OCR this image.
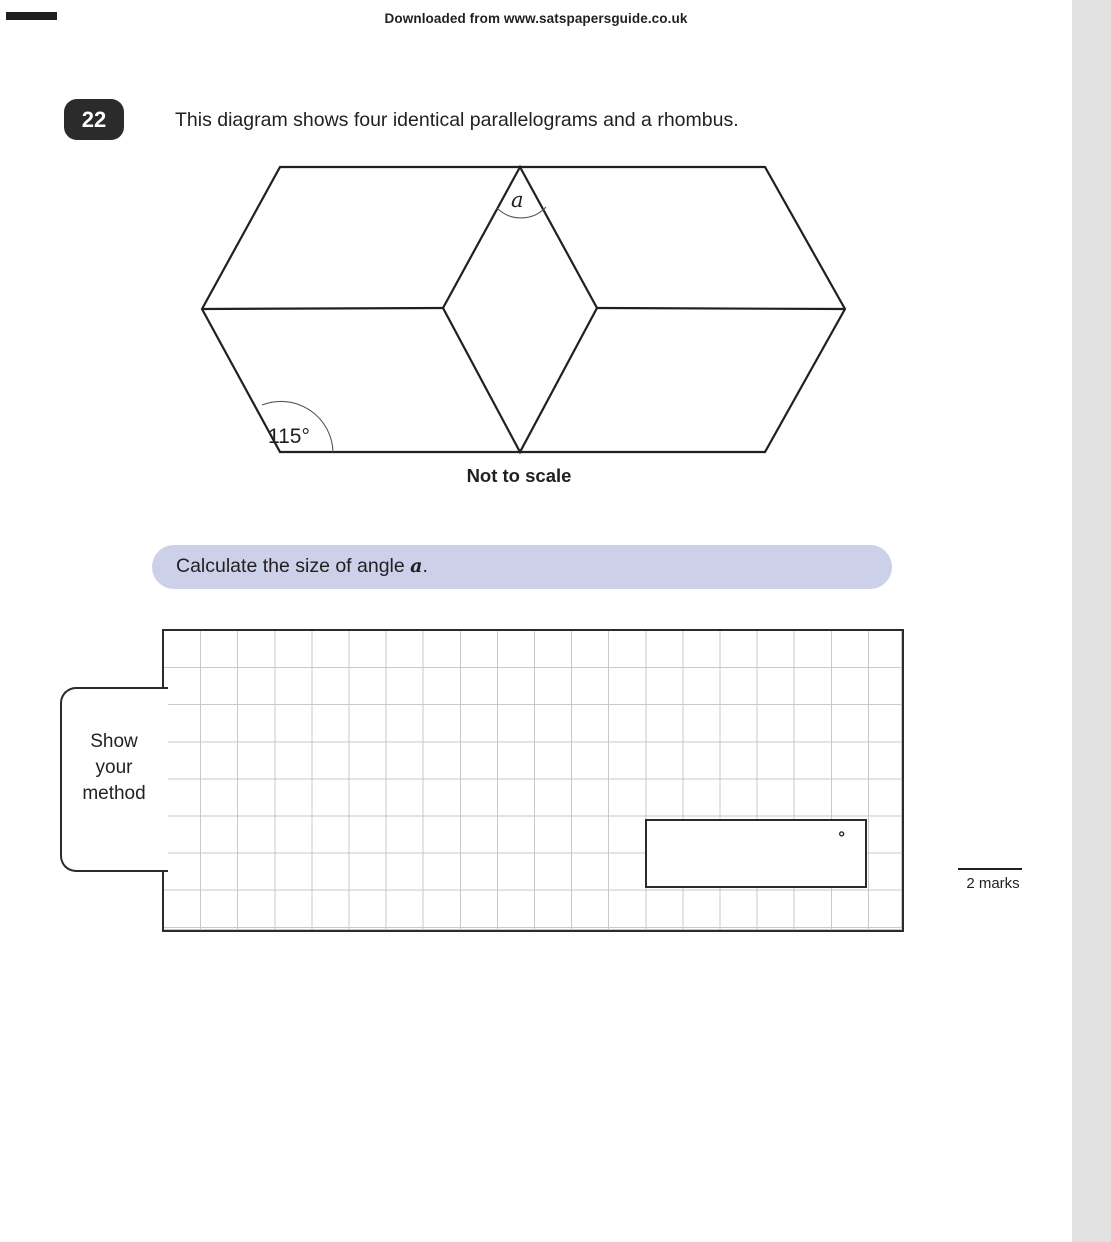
Downloaded from www.satspapersguide.co.uk
22	This diagram shows four identical parallelograms and a rhombus.
a
115°
Not to scale
Calculate the size of angle a.
Show
your
method
°
2 marks
